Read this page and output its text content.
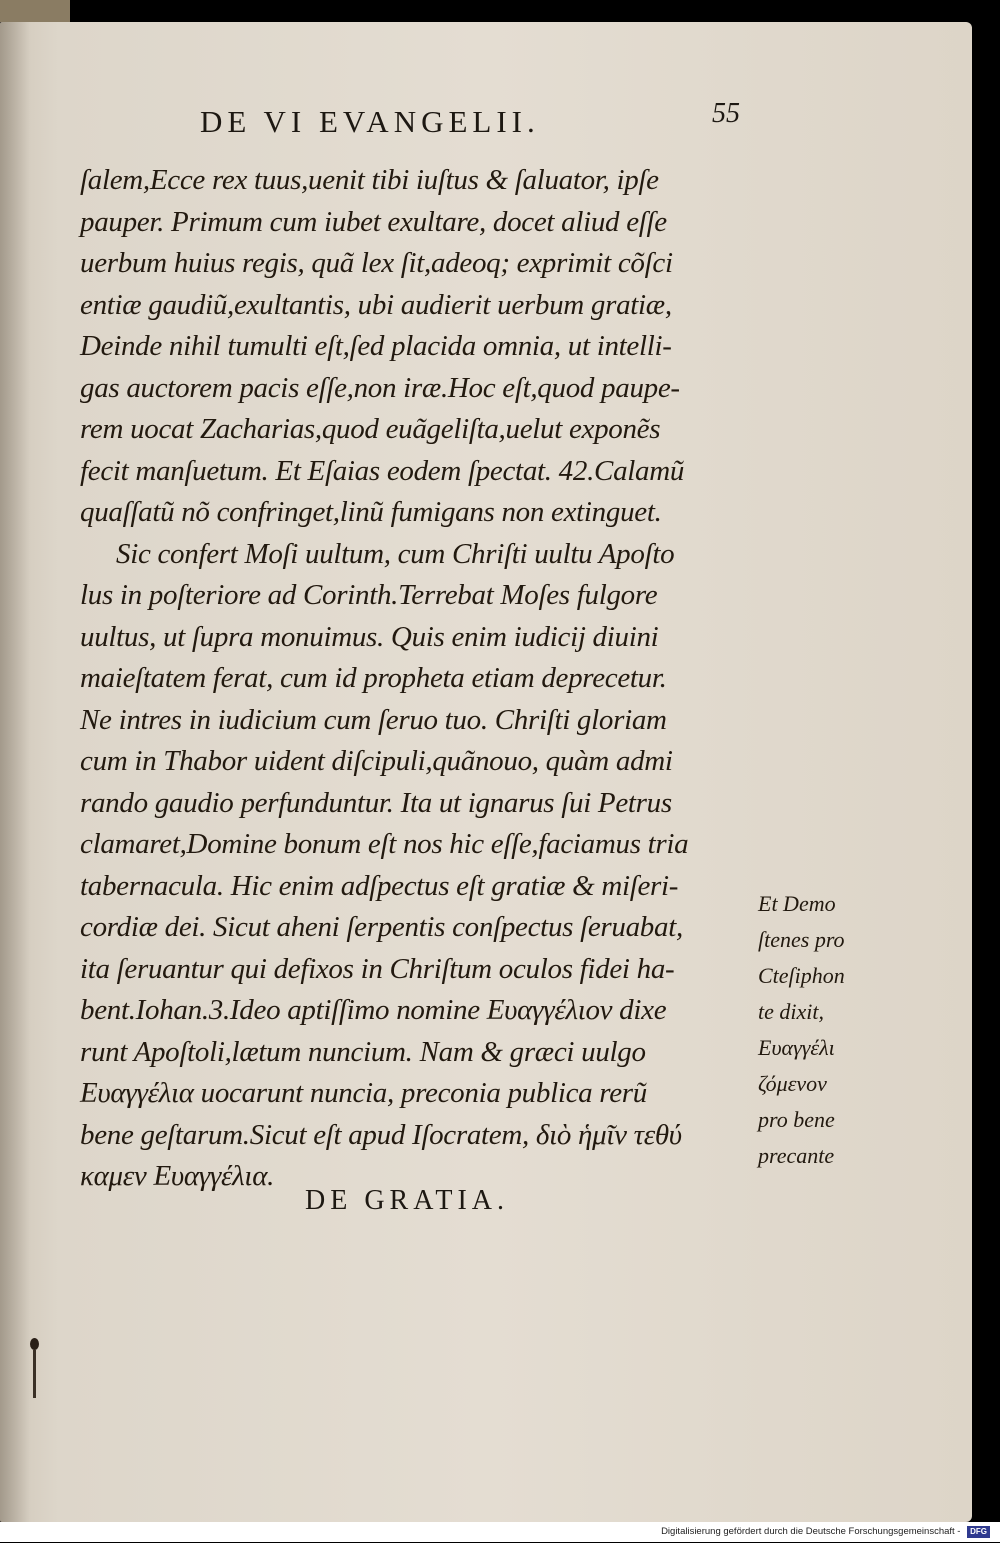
DE VI EVANGELII.	55
ſalem,Ecce rex tuus,uenit tibi iuſtus & ſaluator, ipſe
pauper. Primum cum iubet exultare, docet aliud eſſe
uerbum huius regis, quã lex ſit,adeoq; exprimit cõſci
entiæ gaudiũ,exultantis, ubi audierit uerbum gratiæ,
Deinde nihil tumulti eſt,ſed placida omnia, ut intelli-
gas auctorem pacis eſſe,non iræ.Hoc eſt,quod paupe-
rem uocat Zacharias,quod euãgeliſta,uelut exponẽs
fecit manſuetum. Et Eſaias eodem ſpectat. 42.Calamũ
quaſſatũ nõ confringet,linũ fumigans non extinguet.
Sic confert Moſi uultum, cum Chriſti uultu Apoſto
lus in poſteriore ad Corinth.Terrebat Moſes fulgore
uultus, ut ſupra monuimus. Quis enim iudicij diuini
maieſtatem ferat, cum id propheta etiam deprecetur.
Ne intres in iudicium cum ſeruo tuo. Chriſti gloriam
cum in Thabor uident diſcipuli,quãnouo, quàm admi
rando gaudio perfunduntur. Ita ut ignarus ſui Petrus
clamaret,Domine bonum eſt nos hic eſſe,faciamus tria
tabernacula. Hic enim adſpectus eſt gratiæ & miſeri-
cordiæ dei. Sicut aheni ſerpentis conſpectus ſeruabat,
ita ſeruantur qui defixos in Chriſtum oculos fidei ha-
bent.Iohan.3.Ideo aptiſſimo nomine Ευαγγέλιον dixe
runt Apoſtoli,lætum nuncium. Nam & græci uulgo
Ευαγγέλια uocarunt nuncia, preconia publica rerũ
bene geſtarum.Sicut eſt apud Iſocratem, διὸ ἡμῖν τεθύ
καμεν Ευαγγέλια.
Et Demo
ſtenes pro
Cteſiphon
te dixit,
Ευαγγέλι
ζόμενον
pro bene
precante
DE GRATIA.
Digitalisierung gefördert durch die Deutsche Forschungsgemeinschaft - DFG
